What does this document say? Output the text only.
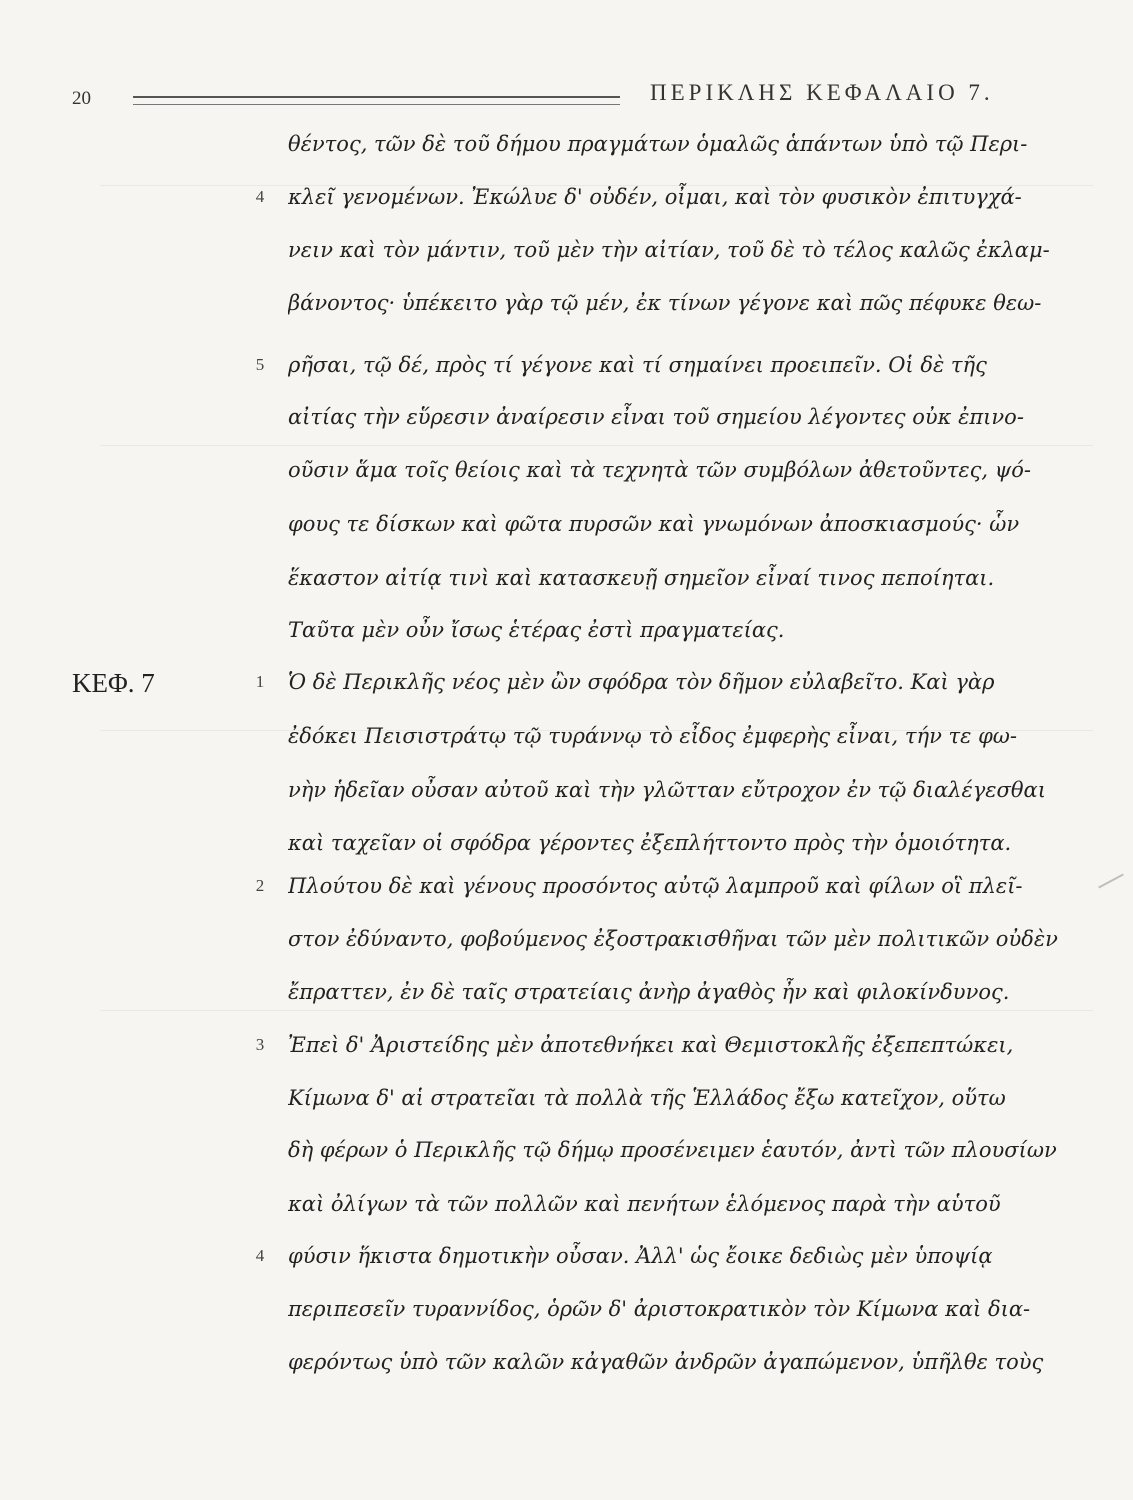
20	ΠΕΡΙΚΛΗΣ ΚΕΦΑΛΑΙΟ 7.
ΚΕΦ. 7
θέντος, τῶν δὲ τοῦ δήμου πραγμάτων ὁμαλῶς ἁπάντων ὑπὸ τῷ Περι-
κλεῖ γενομένων. Ἐκώλυε δ' οὐδέν, οἶμαι, καὶ τὸν φυσικὸν ἐπιτυγχά-
4
νειν καὶ τὸν μάντιν, τοῦ μὲν τὴν αἰτίαν, τοῦ δὲ τὸ τέλος καλῶς ἐκλαμ-
βάνοντος· ὑπέκειτο γὰρ τῷ μέν, ἐκ τίνων γέγονε καὶ πῶς πέφυκε θεω-
ρῆσαι, τῷ δέ, πρὸς τί γέγονε καὶ τί σημαίνει προειπεῖν. Οἱ δὲ τῆς
5
αἰτίας τὴν εὕρεσιν ἀναίρεσιν εἶναι τοῦ σημείου λέγοντες οὐκ ἐπινο-
οῦσιν ἅμα τοῖς θείοις καὶ τὰ τεχνητὰ τῶν συμβόλων ἀθετοῦντες, ψό-
φους τε δίσκων καὶ φῶτα πυρσῶν καὶ γνωμόνων ἀποσκιασμούς· ὧν
ἕκαστον αἰτίᾳ τινὶ καὶ κατασκευῇ σημεῖον εἶναί τινος πεποίηται.
Ταῦτα μὲν οὖν ἴσως ἑτέρας ἐστὶ πραγματείας.
Ὁ δὲ Περικλῆς νέος μὲν ὢν σφόδρα τὸν δῆμον εὐλαβεῖτο. Καὶ γὰρ
1
ἐδόκει Πεισιστράτῳ τῷ τυράννῳ τὸ εἶδος ἐμφερὴς εἶναι, τήν τε φω-
νὴν ἡδεῖαν οὖσαν αὐτοῦ καὶ τὴν γλῶτταν εὔτροχον ἐν τῷ διαλέγεσθαι
καὶ ταχεῖαν οἱ σφόδρα γέροντες ἐξεπλήττοντο πρὸς τὴν ὁμοιότητα.
Πλούτου δὲ καὶ γένους προσόντος αὐτῷ λαμπροῦ καὶ φίλων οἳ πλεῖ-
2
στον ἐδύναντο, φοβούμενος ἐξοστρακισθῆναι τῶν μὲν πολιτικῶν οὐδὲν
ἔπραττεν, ἐν δὲ ταῖς στρατείαις ἀνὴρ ἀγαθὸς ἦν καὶ φιλοκίνδυνος.
Ἐπεὶ δ' Ἀριστείδης μὲν ἀποτεθνήκει καὶ Θεμιστοκλῆς ἐξεπεπτώκει,
3
Κίμωνα δ' αἱ στρατεῖαι τὰ πολλὰ τῆς Ἑλλάδος ἔξω κατεῖχον, οὕτω
δὴ φέρων ὁ Περικλῆς τῷ δήμῳ προσένειμεν ἑαυτόν, ἀντὶ τῶν πλουσίων
καὶ ὀλίγων τὰ τῶν πολλῶν καὶ πενήτων ἑλόμενος παρὰ τὴν αὑτοῦ
φύσιν ἥκιστα δημοτικὴν οὖσαν. Ἀλλ' ὡς ἔοικε δεδιὼς μὲν ὑποψίᾳ
4
περιπεσεῖν τυραννίδος, ὁρῶν δ' ἀριστοκρατικὸν τὸν Κίμωνα καὶ δια-
φερόντως ὑπὸ τῶν καλῶν κἀγαθῶν ἀνδρῶν ἀγαπώμενον, ὑπῆλθε τοὺς
